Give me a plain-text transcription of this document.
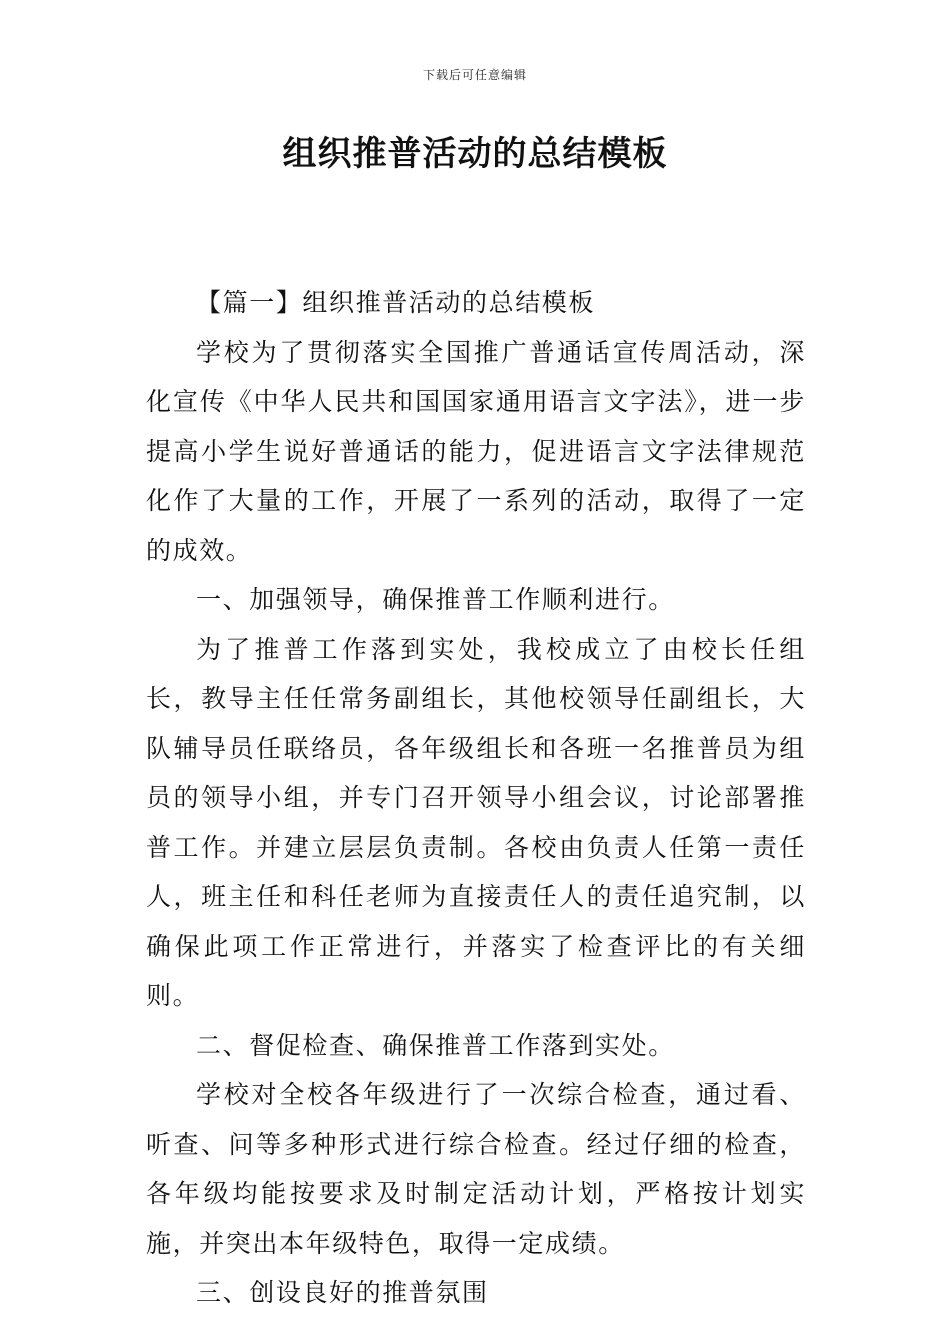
下载后可任意编辑
组织推普活动的总结模板

【篇一】组织推普活动的总结模板

学校为了贯彻落实全国推广普通话宣传周活动，深化宣传《中华人民共和国国家通用语言文字法》，进一步提高小学生说好普通话的能力，促进语言文字法律规范化作了大量的工作，开展了一系列的活动，取得了一定的成效。

一、加强领导，确保推普工作顺利进行。

为了推普工作落到实处，我校成立了由校长任组长，教导主任任常务副组长，其他校领导任副组长，大队辅导员任联络员，各年级组长和各班一名推普员为组员的领导小组，并专门召开领导小组会议，讨论部署推普工作。并建立层层负责制。各校由负责人任第一责任人，班主任和科任老师为直接责任人的责任追究制，以确保此项工作正常进行，并落实了检查评比的有关细则。

二、督促检查、确保推普工作落到实处。

学校对全校各年级进行了一次综合检查，通过看、听查、问等多种形式进行综合检查。经过仔细的检查，各年级均能按要求及时制定活动计划，严格按计划实施，并突出本年级特色，取得一定成绩。

三、创设良好的推普氛围
